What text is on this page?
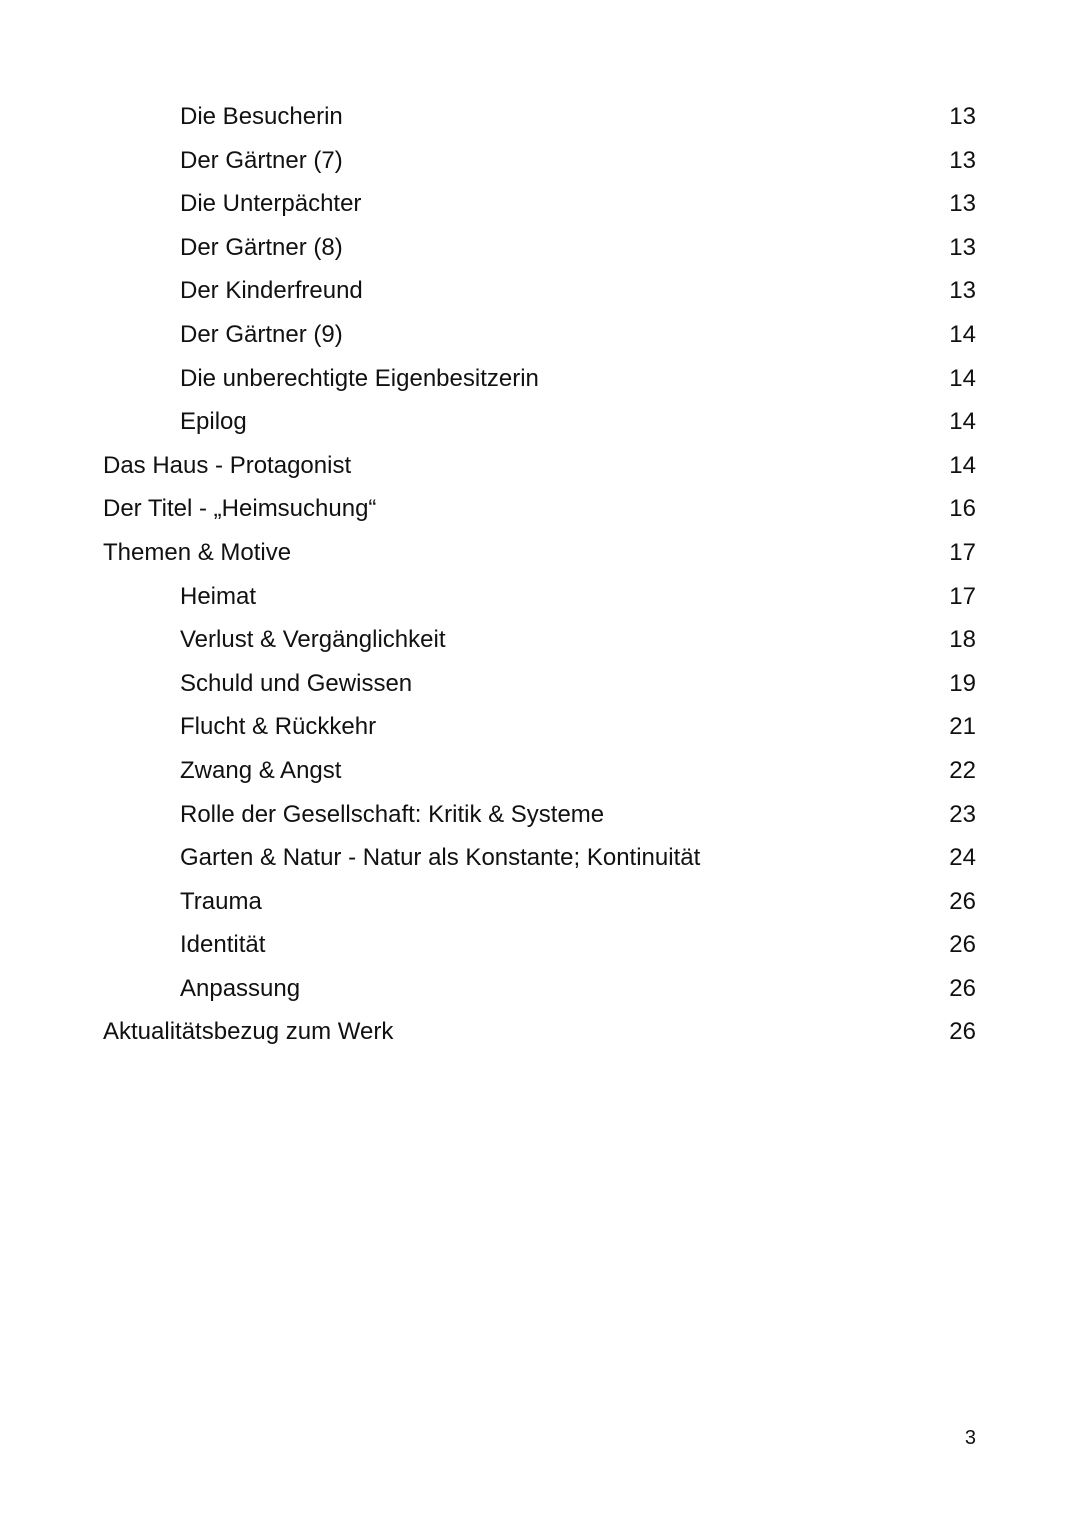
Die Besucherin	13
Der Gärtner (7)	13
Die Unterpächter	13
Der Gärtner (8)	13
Der Kinderfreund	13
Der Gärtner (9)	14
Die unberechtigte Eigenbesitzerin	14
Epilog	14
Das Haus - Protagonist	14
Der Titel - „Heimsuchung“	16
Themen & Motive	17
Heimat	17
Verlust & Vergänglichkeit	18
Schuld und Gewissen	19
Flucht & Rückkehr	21
Zwang & Angst	22
Rolle der Gesellschaft: Kritik & Systeme	23
Garten & Natur - Natur als Konstante; Kontinuität	24
Trauma	26
Identität	26
Anpassung	26
Aktualitätsbezug zum Werk	26
3
